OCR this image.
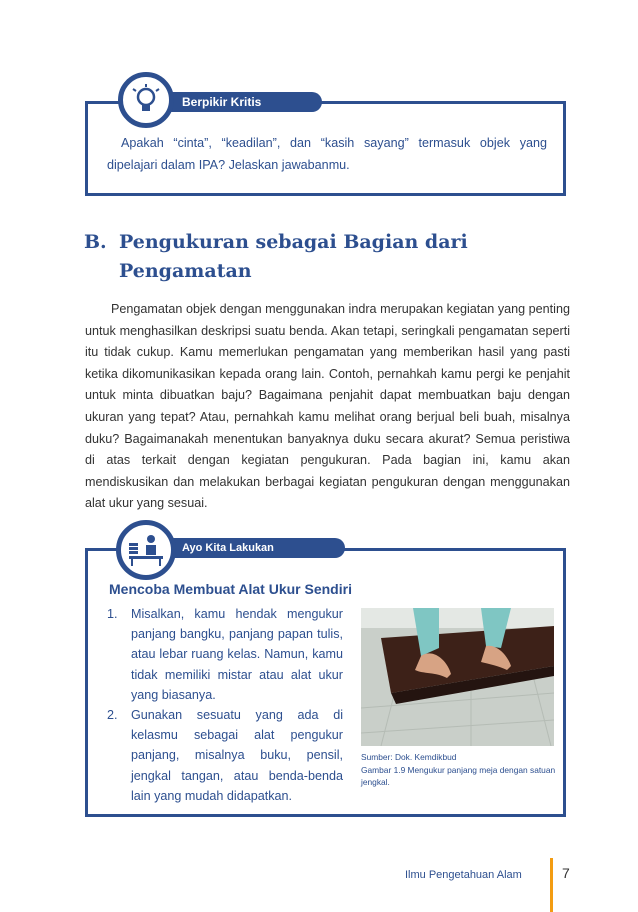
Berpikir Kritis
Apakah “cinta”, “keadilan”, dan “kasih sayang” termasuk objek yang dipelajari dalam IPA? Jelaskan jawabanmu.
B. Pengukuran sebagai Bagian dari Pengamatan
Pengamatan objek dengan menggunakan indra merupakan kegiatan yang penting untuk menghasilkan deskripsi suatu benda. Akan tetapi, seringkali pengamatan seperti itu tidak cukup. Kamu memerlukan pengamatan yang memberikan hasil yang pasti ketika dikomunikasikan kepada orang lain. Contoh, pernahkah kamu pergi ke penjahit untuk minta dibuatkan baju? Bagaimana penjahit dapat membuatkan baju dengan ukuran yang tepat? Atau, pernahkah kamu melihat orang berjual beli buah, misalnya duku? Bagaimanakah menentukan banyaknya duku secara akurat? Semua peristiwa di atas terkait dengan kegiatan pengukuran. Pada bagian ini, kamu akan mendiskusikan dan melakukan berbagai kegiatan pengukuran dengan menggunakan alat ukur yang sesuai.
Ayo Kita Lakukan
Mencoba Membuat Alat Ukur Sendiri
1. Misalkan, kamu hendak mengukur panjang bangku, panjang papan tulis, atau lebar ruang kelas. Namun, kamu tidak memiliki mistar atau alat ukur yang biasanya.
2. Gunakan sesuatu yang ada di kelasmu sebagai alat pengukur panjang, misalnya buku, pensil, jengkal tangan, atau benda-benda lain yang mudah didapatkan.
Sumber: Dok. Kemdikbud
Gambar 1.9 Mengukur panjang meja dengan satuan jengkal.
Ilmu Pengetahuan Alam	7
